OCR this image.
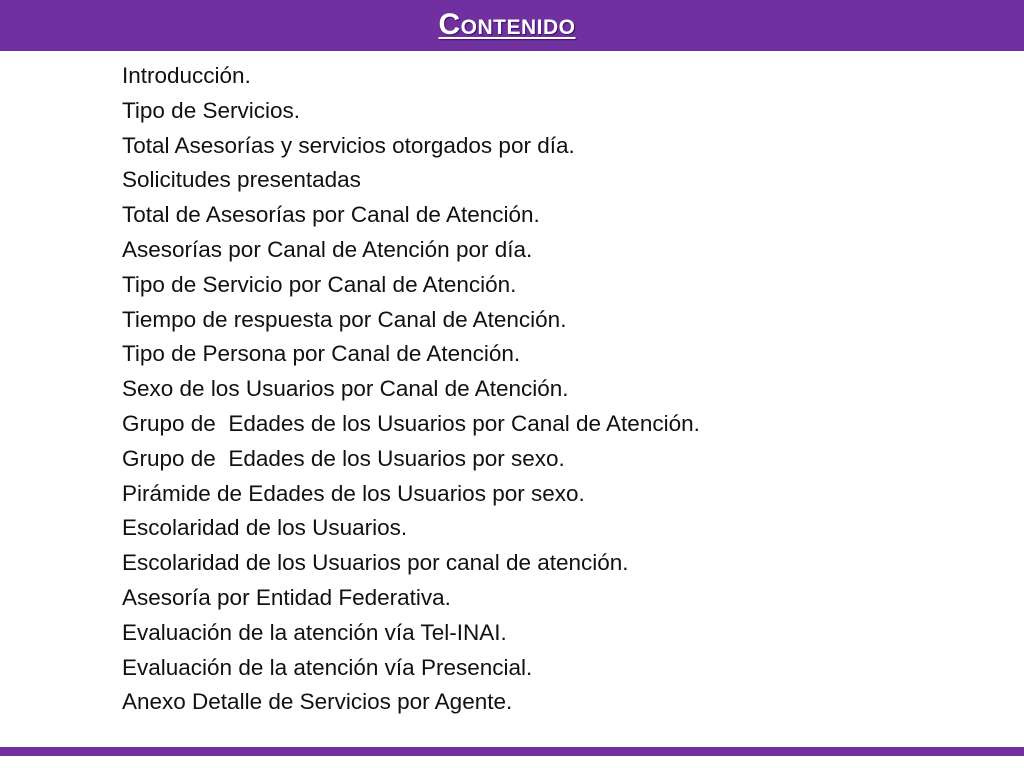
Contenido
Introducción.
Tipo de Servicios.
Total Asesorías y servicios otorgados por día.
Solicitudes presentadas
Total de Asesorías por Canal de Atención.
Asesorías por Canal de Atención por día.
Tipo de Servicio por Canal de Atención.
Tiempo de respuesta por Canal de Atención.
Tipo de Persona por Canal de Atención.
Sexo de los Usuarios por Canal de Atención.
Grupo de  Edades de los Usuarios por Canal de Atención.
Grupo de  Edades de los Usuarios por sexo.
Pirámide de Edades de los Usuarios por sexo.
Escolaridad de los Usuarios.
Escolaridad de los Usuarios por canal de atención.
Asesoría por Entidad Federativa.
Evaluación de la atención vía Tel-INAI.
Evaluación de la atención vía Presencial.
Anexo Detalle de Servicios por Agente.
